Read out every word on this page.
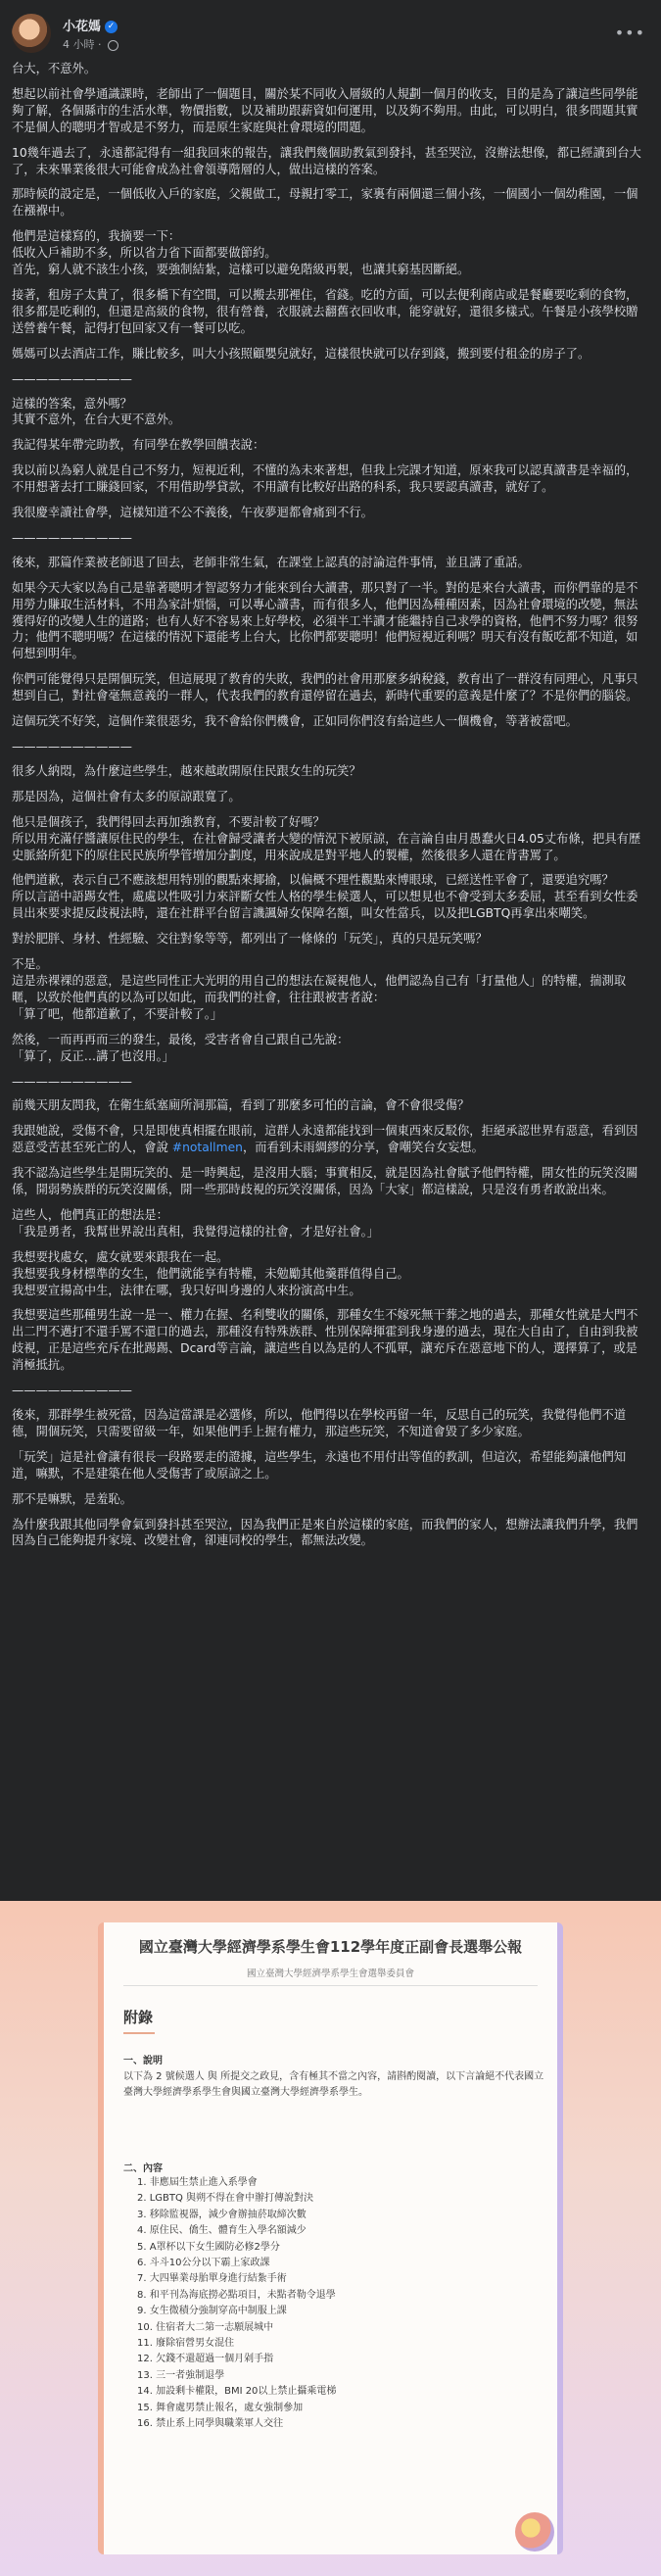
小花媽 ✓
4 小時 ·
•••

台大，不意外。

想起以前社會學通識課時，老師出了一個題目，關於某不同收入層級的人規劃一個月的收支，目的是為了讓這些同學能夠了解，各個縣市的生活水準，物價指數，以及補助跟薪資如何運用，以及夠不夠用。由此，可以明白，很多問題其實不是個人的聰明才智或是不努力，而是原生家庭與社會環境的問題。

10幾年過去了，永遠都記得有一組我回來的報告，讓我們幾個助教氣到發抖，甚至哭泣，沒辦法想像，都已經讀到台大了，未來畢業後很大可能會成為社會領導階層的人，做出這樣的答案。

那時候的設定是，一個低收入戶的家庭，父親做工，母親打零工，家裏有兩個還三個小孩，一個國小一個幼稚園，一個在襁褓中。

他們是這樣寫的，我摘要一下：
低收入戶補助不多，所以省力省下面都要做節約。
首先，窮人就不該生小孩，要強制結紮，這樣可以避免階級再製，也讓其窮基因斷絕。

接著，租房子太貴了，很多橋下有空間，可以搬去那裡住，省錢。吃的方面，可以去便利商店或是餐廳要吃剩的食物，很多都是吃剩的，但還是高級的食物，很有營養，衣服就去翻舊衣回收車，能穿就好，還很多樣式。午餐是小孩學校贈送營養午餐，記得打包回家又有一餐可以吃。

媽媽可以去酒店工作，賺比較多，叫大小孩照顧嬰兒就好，這樣很快就可以存到錢，搬到要付租金的房子了。

——————————

這樣的答案，意外嗎？
其實不意外，在台大更不意外。

我記得某年帶完助教，有同學在教學回饋表說：

我以前以為窮人就是自己不努力，短視近利，不懂的為未來著想，但我上完課才知道，原來我可以認真讀書是幸福的，不用想著去打工賺錢回家，不用借助學貸款，不用讀有比較好出路的科系，我只要認真讀書，就好了。

我很慶幸讀社會學，這樣知道不公不義後，午夜夢迴都會痛到不行。

——————————

後來，那篇作業被老師退了回去，老師非常生氣，在課堂上認真的討論這件事情，並且講了重話。

如果今天大家以為自己是靠著聰明才智認努力才能來到台大讀書，那只對了一半。對的是來台大讀書，而你們靠的是不用勞力賺取生活材料，不用為家計煩惱，可以專心讀書，而有很多人，他們因為種種因素，因為社會環境的改變，無法獲得好的改變人生的道路；也有人好不容易來上好學校，必須半工半讀才能繼持自己求學的資格，他們不努力嗎？很努力；他們不聰明嗎？在這樣的情況下還能考上台大，比你們都要聰明！他們短視近利嗎？明天有沒有飯吃都不知道，如何想到明年。

你們可能覺得只是開個玩笑，但這展現了教育的失敗，我們的社會用那麼多納稅錢，教育出了一群沒有同理心，凡事只想到自己，對社會毫無意義的一群人，代表我們的教育還停留在過去，新時代重要的意義是什麼了？不是你們的腦袋。

這個玩笑不好笑，這個作業很惡劣，我不會給你們機會，正如同你們沒有給這些人一個機會，等著被當吧。

——————————

很多人納悶，為什麼這些學生，越來越敢開原住民跟女生的玩笑？

那是因為，這個社會有太多的原諒跟寬了。

他只是個孩子，我們得回去再加強教育，不要計較了好嗎？
所以用充滿仔醬讓原住民的學生，在社會歸受讓者大變的情況下被原諒，在言論自由月愚蠢火日4.05丈布條，把具有歷史脈絡所犯下的原住民民族所學管增加分劃度，用來說成是對平地人的製權，然後很多人還在背書罵了。

他們道歉，表示自己不應該想用特別的觀點來揶揄，以偏概不理性觀點來博眼球，已經送性平會了，還要追究嗎？
所以言語中語踢女性，處處以性吸引力來評斷女性人格的學生候選人，可以想見也不會受到太多委屈，甚至看到女性委員出來要求提反歧視法時，還在社群平台留言譏諷婦女保障名額，叫女性當兵，以及把LGBTQ再拿出來嘲笑。

對於肥胖、身材、性經驗、交往對象等等，都列出了一條條的「玩笑」，真的只是玩笑嗎？

不是。
這是赤裸裸的惡意，是這些同性正大光明的用自己的想法在凝視他人，他們認為自己有「打量他人」的特權，揣測取暱，以致於他們真的以為可以如此，而我們的社會，往往跟被害者說：
「算了吧，他都道歉了，不要計較了。」

然後，一而再再而三的發生，最後，受害者會自己跟自己先說：
「算了，反正…講了也沒用。」

——————————

前幾天朋友問我，在衛生紙塞廁所洞那篇，看到了那麼多可怕的言論，會不會很受傷？

我跟她說，受傷不會，只是即使真相擺在眼前，這群人永遠都能找到一個東西來反駁你，拒絕承認世界有惡意，看到因惡意受苦甚至死亡的人，會說 #notallmen，而看到未雨綢繆的分享，會嘲笑台女妄想。

我不認為這些學生是開玩笑的、是一時興起，是沒用大腦；事實相反，就是因為社會賦予他們特權，開女性的玩笑沒關係，開弱勢族群的玩笑沒關係，開一些那時歧視的玩笑沒關係，因為「大家」都這樣說，只是沒有勇者敢說出來。

這些人，他們真正的想法是：
「我是勇者，我幫世界說出真相，我覺得這樣的社會，才是好社會。」

我想要找處女，處女就要來跟我在一起。
我想要我身材標準的女生，他們就能享有特權，未勉勵其他羹群值得自己。
我想要宣揚高中生，法律在哪，我只好叫身邊的人來扮演高中生。

我想要這些那種男生說一是一、權力在握、名利雙收的關係，那種女生不嫁死無干葬之地的過去，那種女性就是大門不出二門不邁打不還手罵不還口的過去，那種沒有特殊族群、性別保障揮霍到我身邊的過去，現在大自由了，自由到我被歧視，正是這些充斥在批踢踢、Dcard等言論，讓這些自以為是的人不孤單，讓充斥在惡意地下的人，選擇算了，或是消極抵抗。

——————————

後來，那群學生被死當，因為這當課是必選修，所以，他們得以在學校再留一年，反思自己的玩笑，我覺得他們不道德，開個玩笑，只需要留級一年，如果他們手上握有權力，那這些玩笑，不知道會毀了多少家庭。

「玩笑」這是社會讓有很長一段路要走的證據，這些學生，永遠也不用付出等值的教訓，但這次，希望能夠讓他們知道，嘛默，不是建築在他人受傷害了或原諒之上。

那不是嘛默，是羞恥。

為什麼我跟其他同學會氣到發抖甚至哭泣，因為我們正是來自於這樣的家庭，而我們的家人，想辦法讓我們升學，我們因為自己能夠提升家境、改變社會，卻連同校的學生，都無法改變。

國立臺灣大學經濟學系學生會112學年度正副會長選舉公報
國立臺灣大學經濟學系學生會選舉委員會
附錄
一、說明
以下為 2 號候選人 與 所提交之政見，含有極其不當之內容，請斟酌閱讀，以下言論絕不代表國立臺灣大學經濟學系學生會與國立臺灣大學經濟學系學生。
二、內容
1. 非應屆生禁止進入系學會
2. LGBTQ 與朔不得在會中辦打傳說對決
3. 移除監視器，減少會辦抽菸取締次數
4. 原住民、僑生、體育生入學名額減少
5. A罩杯以下女生國防必修2學分
6. 斗斗10公分以下霸上家政課
7. 大四畢業母胎單身進行結紮手術
8. 和平刊為海底撈必點項目，未點者勒令退學
9. 女生微積分強制穿高中制服上課
10. 住宿者大二第一志願展城中
11. 廢除宿營男女混住
12. 欠錢不還超過一個月剁手指
13. 三一者強制退學
14. 加設剩卡權限，BMI 20以上禁止攝乘電梯
15. 舞會處男禁止報名，處女強制參加
16. 禁止系上同學與職業軍人交往
